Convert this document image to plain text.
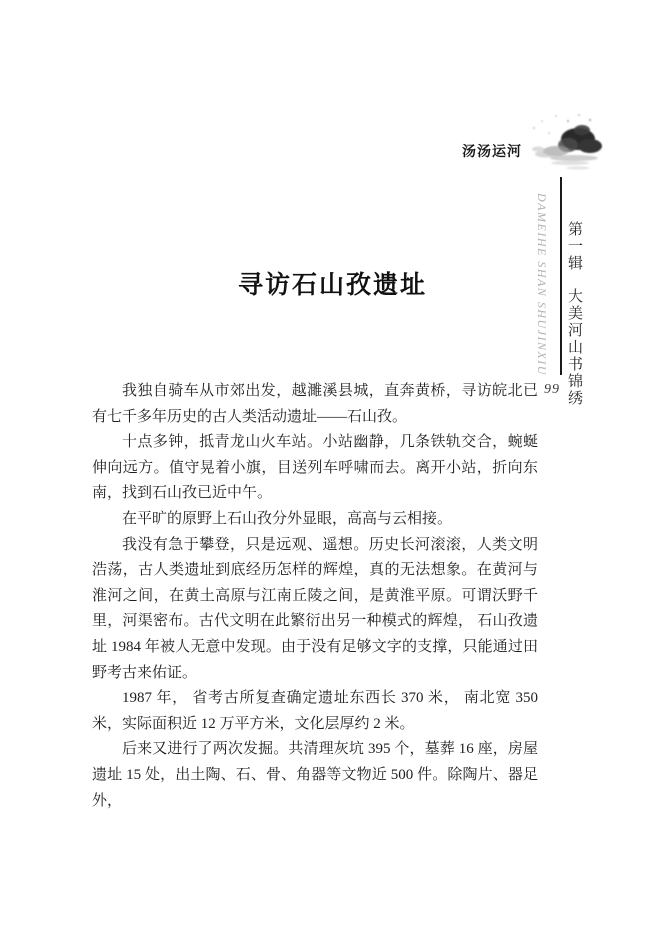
汤汤运河
DAMEIHE SHAN SHUJINXIU 第一辑 大美河山书锦绣
99
寻访石山孜遗址

我独自骑车从市郊出发，越濉溪县城，直奔黄桥，寻访皖北已有七千多年历史的古人类活动遗址——石山孜。

十点多钟，抵青龙山火车站。小站幽静，几条铁轨交合，蜿蜒伸向远方。值守晃着小旗，目送列车呼啸而去。离开小站，折向东南，找到石山孜已近中午。

在平旷的原野上石山孜分外显眼，高高与云相接。

我没有急于攀登，只是远观、遥想。历史长河滚滚，人类文明浩荡，古人类遗址到底经历怎样的辉煌，真的无法想象。在黄河与淮河之间，在黄土高原与江南丘陵之间，是黄淮平原。可谓沃野千里，河渠密布。古代文明在此繁衍出另一种模式的辉煌， 石山孜遗址 1984 年被人无意中发现。由于没有足够文字的支撑，只能通过田野考古来佑证。

1987 年， 省考古所复查确定遗址东西长 370 米， 南北宽 350 米，实际面积近 12 万平方米，文化层厚约 2 米。

后来又进行了两次发掘。共清理灰坑 395 个，墓葬 16 座，房屋遗址 15 处，出土陶、石、骨、角器等文物近 500 件。除陶片、器足外，
